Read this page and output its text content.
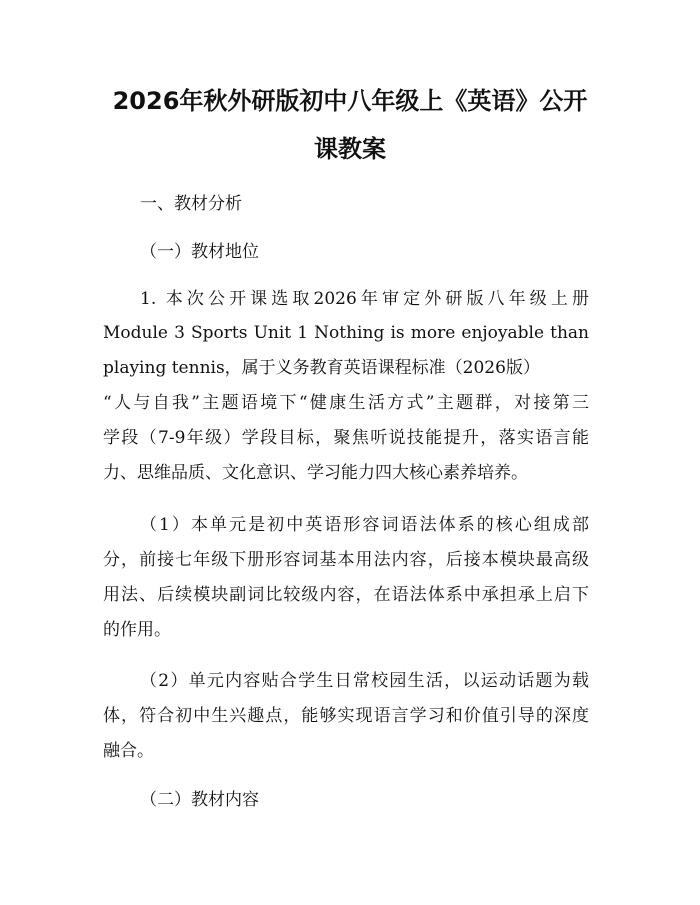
2026年秋外研版初中八年级上《英语》公开
课教案

一、教材分析

（一）教材地位

1. 本次公开课选取2026年审定外研版八年级上册

Module 3 Sports Unit 1 Nothing is more enjoyable than

playing tennis，属于义务教育英语课程标准（2026版）

“人与自我”主题语境下“健康生活方式”主题群，对接第三

学段（7-9年级）学段目标，聚焦听说技能提升，落实语言能

力、思维品质、文化意识、学习能力四大核心素养培养。

（1）本单元是初中英语形容词语法体系的核心组成部

分，前接七年级下册形容词基本用法内容，后接本模块最高级

用法、后续模块副词比较级内容，在语法体系中承担承上启下

的作用。

（2）单元内容贴合学生日常校园生活，以运动话题为载

体，符合初中生兴趣点，能够实现语言学习和价值引导的深度

融合。

（二）教材内容
